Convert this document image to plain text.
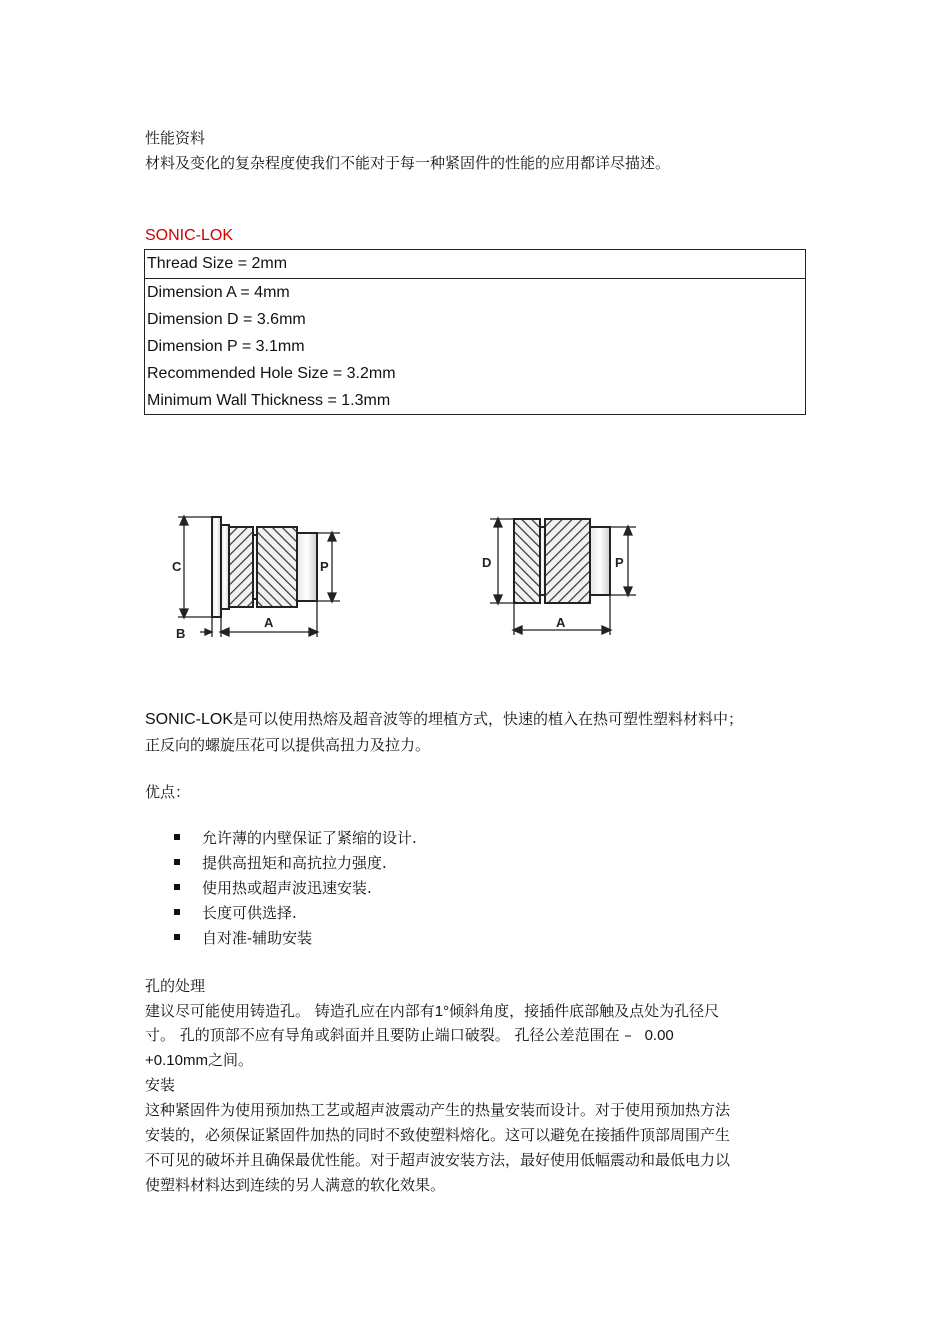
性能资料
材料及变化的复杂程度使我们不能对于每一种紧固件的性能的应用都详尽描述。
SONIC-LOK
Thread Size = 2mm
Dimension A = 4mm
Dimension D = 3.6mm
Dimension P = 3.1mm
Recommended Hole Size = 3.2mm
Minimum Wall Thickness = 1.3mm
C	P
B
A
D	P
A
SONIC-LOK是可以使用热熔及超音波等的埋植方式，快速的植入在热可塑性塑料材料中；
正反向的螺旋压花可以提供高扭力及拉力。
优点：
允许薄的内壁保证了紧缩的设计.
提供高扭矩和高抗拉力强度.
使用热或超声波迅速安装.
长度可供选择.
自对准-辅助安装
孔的处理
建议尽可能使用铸造孔。 铸造孔应在内部有1°倾斜角度，接插件底部触及点处为孔径尺
寸。 孔的顶部不应有导角或斜面并且要防止端口破裂。 孔径公差范围在 – 0.00
+0.10mm之间。
安装
这种紧固件为使用预加热工艺或超声波震动产生的热量安装而设计。对于使用预加热方法
安装的，必须保证紧固件加热的同时不致使塑料熔化。这可以避免在接插件顶部周围产生
不可见的破坏并且确保最优性能。对于超声波安装方法，最好使用低幅震动和最低电力以
使塑料材料达到连续的另人满意的软化效果。
